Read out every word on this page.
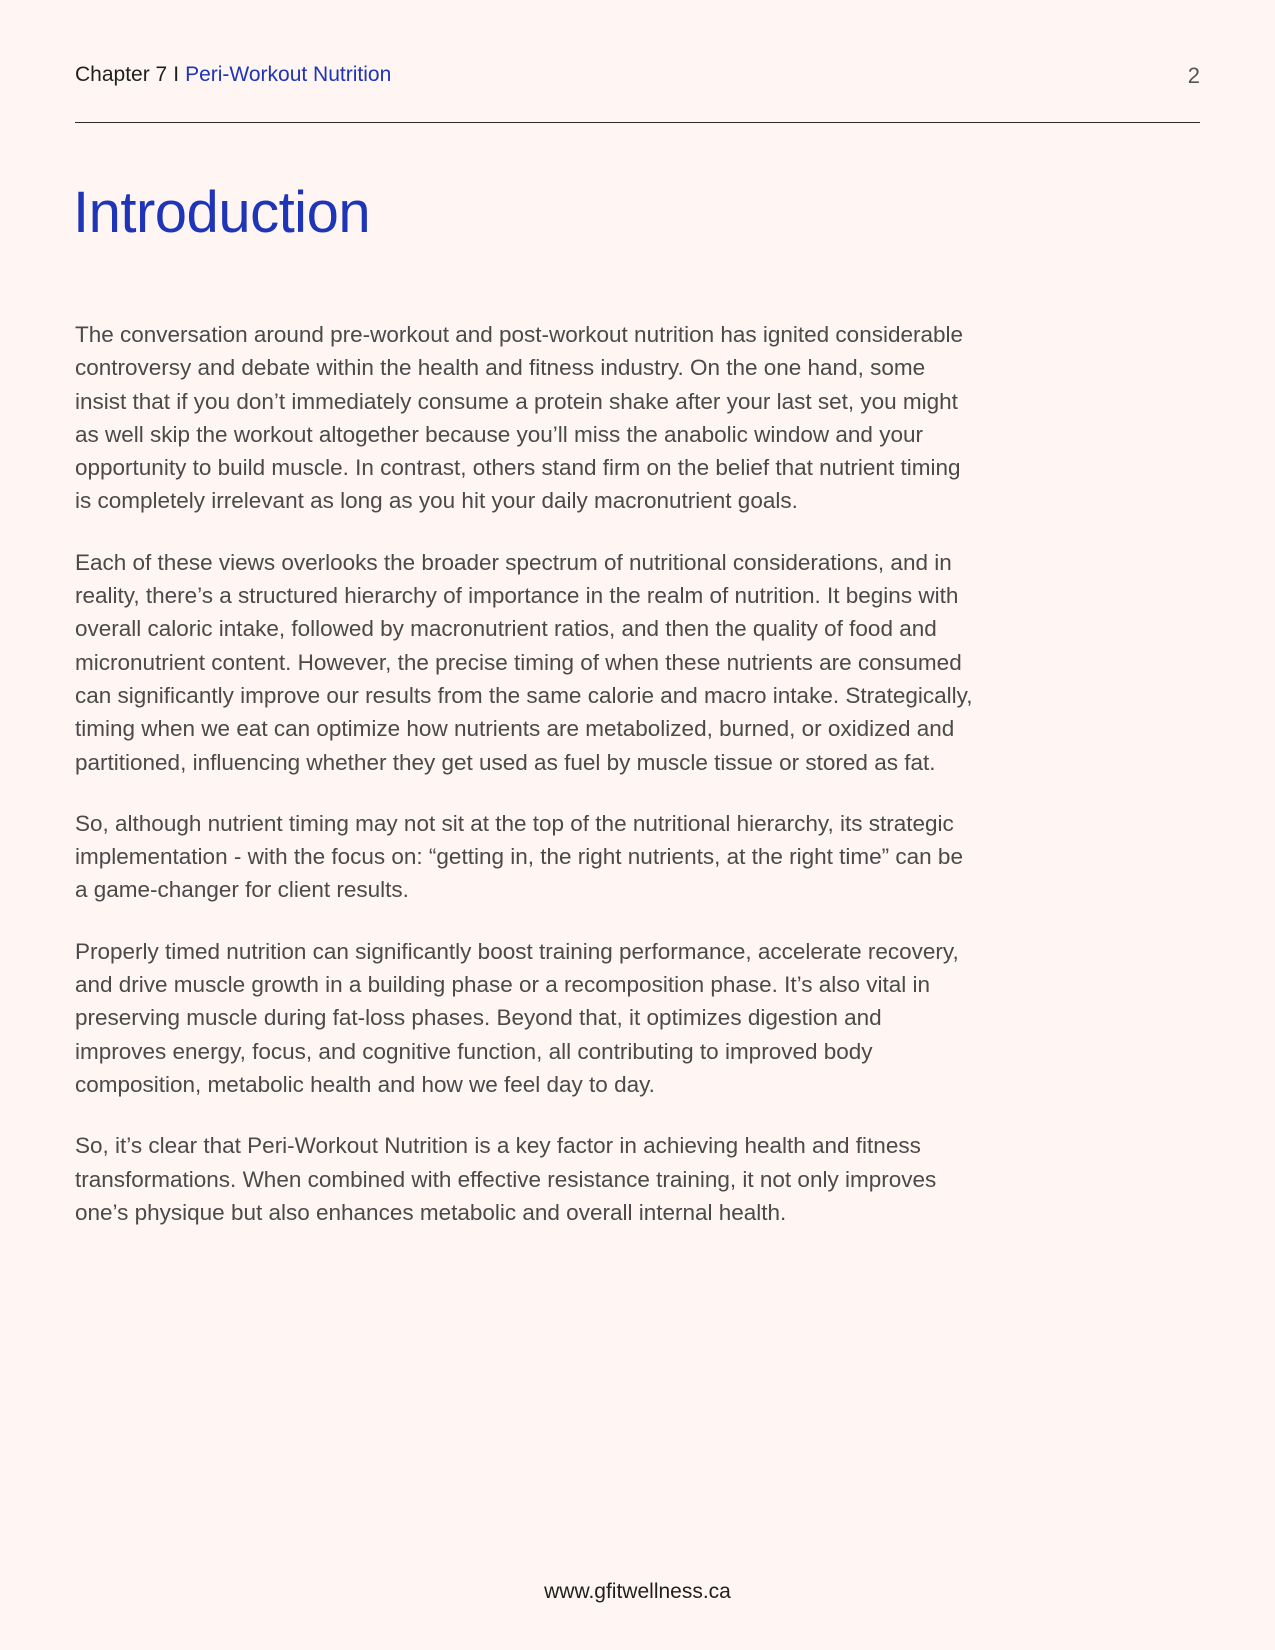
Chapter 7 I Peri-Workout Nutrition	2
Introduction

The conversation around pre-workout and post-workout nutrition has ignited considerable controversy and debate within the health and fitness industry. On the one hand, some insist that if you don’t immediately consume a protein shake after your last set, you might as well skip the workout altogether because you’ll miss the anabolic window and your opportunity to build muscle. In contrast, others stand firm on the belief that nutrient timing is completely irrelevant as long as you hit your daily macronutrient goals.

Each of these views overlooks the broader spectrum of nutritional considerations, and in reality, there’s a structured hierarchy of importance in the realm of nutrition. It begins with overall caloric intake, followed by macronutrient ratios, and then the quality of food and micronutrient content. However, the precise timing of when these nutrients are consumed can significantly improve our results from the same calorie and macro intake. Strategically, timing when we eat can optimize how nutrients are metabolized, burned, or oxidized and partitioned, influencing whether they get used as fuel by muscle tissue or stored as fat.

So, although nutrient timing may not sit at the top of the nutritional hierarchy, its strategic implementation - with the focus on: “getting in, the right nutrients, at the right time” can be a game-changer for client results.

Properly timed nutrition can significantly boost training performance, accelerate recovery, and drive muscle growth in a building phase or a recomposition phase. It’s also vital in preserving muscle during fat-loss phases. Beyond that, it optimizes digestion and improves energy, focus, and cognitive function, all contributing to improved body composition, metabolic health and how we feel day to day.

So, it’s clear that Peri-Workout Nutrition is a key factor in achieving health and fitness transformations. When combined with effective resistance training, it not only improves one’s physique but also enhances metabolic and overall internal health.

www.gfitwellness.ca
